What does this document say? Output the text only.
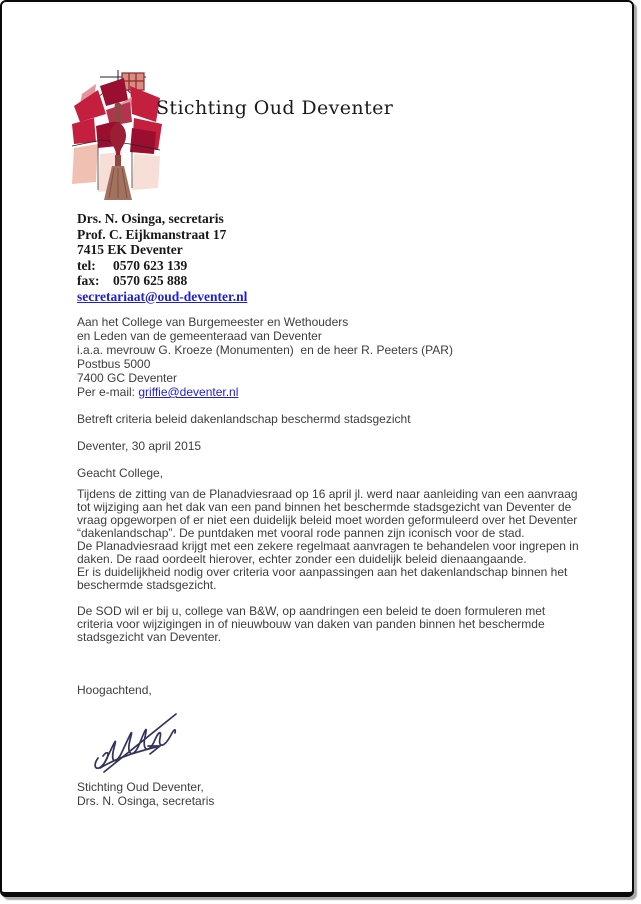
Stichting Oud Deventer
Drs. N. Osinga, secretaris
Prof. C. Eijkmanstraat 17
7415 EK Deventer
tel: 0570 623 139
fax: 0570 625 888
secretariaat@oud-deventer.nl
Aan het College van Burgemeester en Wethouders
en Leden van de gemeenteraad van Deventer
i.a.a. mevrouw G. Kroeze (Monumenten)  en de heer R. Peeters (PAR)
Postbus 5000
7400 GC Deventer
Per e-mail: griffie@deventer.nl
Betreft criteria beleid dakenlandschap beschermd stadsgezicht
Deventer, 30 april 2015
Geacht College,

Tijdens de zitting van de Planadviesraad op 16 april jl. werd naar aanleiding van een aanvraag tot wijziging aan het dak van een pand binnen het beschermde stadsgezicht van Deventer de vraag opgeworpen of er niet een duidelijk beleid moet worden geformuleerd over het Deventer “dakenlandschap”. De puntdaken met vooral rode pannen zijn iconisch voor de stad.

De Planadviesraad krijgt met een zekere regelmaat aanvragen te behandelen voor ingrepen in daken. De raad oordeelt hierover, echter zonder een duidelijk beleid dienaangaande.

Er is duidelijkheid nodig over criteria voor aanpassingen aan het dakenlandschap binnen het beschermde stadsgezicht.

De SOD wil er bij u, college van B&W, op aandringen een beleid te doen formuleren met criteria voor wijzigingen in of nieuwbouw van daken van panden binnen het beschermde stadsgezicht van Deventer.

Hoogachtend,
Stichting Oud Deventer,
Drs. N. Osinga, secretaris
